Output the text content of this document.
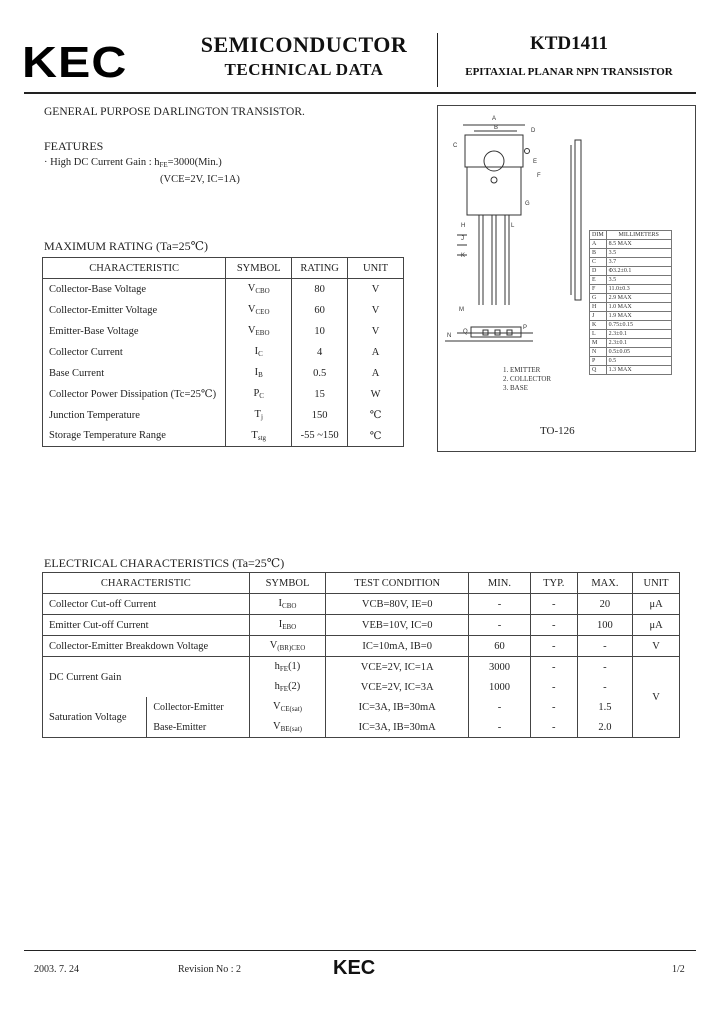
KEC	SEMICONDUCTOR
TECHNICAL DATA
KTD1411
EPITAXIAL PLANAR NPN TRANSISTOR
GENERAL PURPOSE DARLINGTON TRANSISTOR.
FEATURES
· High DC Current Gain : $h_{FE}=3000(Min.)$
(VCE=2V, IC=1A)
MAXIMUM RATING (Ta=25℃)
CHARACTERISTIC	SYMBOL	RATING	UNIT
Collector-Base Voltage	$V_{CBO}$	80	V
Collector-Emitter Voltage	$V_{CEO}$	60	V
Emitter-Base Voltage	$V_{EBO}$	10	V
Collector Current	$I_C$	4	A
Base Current	$I_B$	0.5	A
Collector Power Dissipation (Tc=25℃)	$P_C$	15	W
Junction Temperature	$T_j$	150	℃
Storage Temperature Range	$T_{stg}$	-55 ~150	℃
A
B	D
C
E
F
G
H
J
K
L
M
N
P
Q
1. EMITTER
2. COLLECTOR
3. BASE
TO-126
DIM	MILLIMETERS
A	8.5 MAX
B	3.5
C	3.7
D	Φ3.2±0.1
E	3.5
F	11.0±0.3
G	2.9 MAX
H	1.0 MAX
J	1.9 MAX
K	0.75±0.15
L	2.3±0.1
M	2.3±0.1
N	0.5±0.05
P	0.5
Q	1.3 MAX
ELECTRICAL CHARACTERISTICS (Ta=25℃)
CHARACTERISTIC		SYMBOL	TEST CONDITION	MIN.	TYP.	MAX.	UNIT
Collector Cut-off Current		$I_{CBO}$	VCB=80V, IE=0	-	-	20	μA
Emitter Cut-off Current		$I_{EBO}$	VEB=10V, IC=0	-	-	100	μA
Collector-Emitter Breakdown Voltage		$V_{(BR)CEO}$	IC=10mA, IB=0	60	-	-	V
DC Current Gain		$h_{FE}(1)$	VCE=2V, IC=1A	3000	-	-	V
		$h_{FE}(2)$	VCE=2V, IC=3A	1000	-	-	
Saturation Voltage	Collector-Emitter	$V_{CE(sat)}$	IC=3A, IB=30mA	-	-	1.5	
	Base-Emitter	$V_{BE(sat)}$	IC=3A, IB=30mA	-	-	2.0	
2003. 7. 24	Revision No : 2	KEC	1/2
